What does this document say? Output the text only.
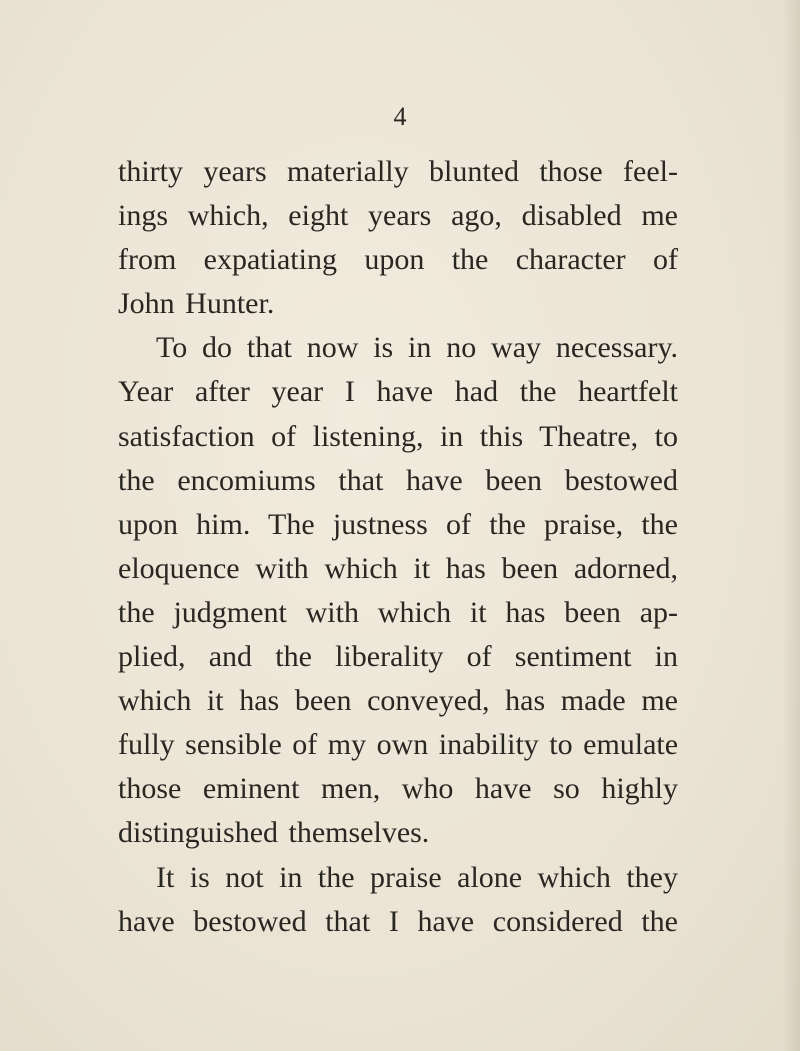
4
thirty years materially blunted those feel-
ings which, eight years ago, disabled me
from expatiating upon the character of
John Hunter.
To do that now is in no way necessary.
Year after year I have had the heartfelt
satisfaction of listening, in this Theatre, to
the encomiums that have been bestowed
upon him. The justness of the praise, the
eloquence with which it has been adorned,
the judgment with which it has been ap-
plied, and the liberality of sentiment in
which it has been conveyed, has made me
fully sensible of my own inability to emulate
those eminent men, who have so highly
distinguished themselves.
It is not in the praise alone which they
have bestowed that I have considered the
